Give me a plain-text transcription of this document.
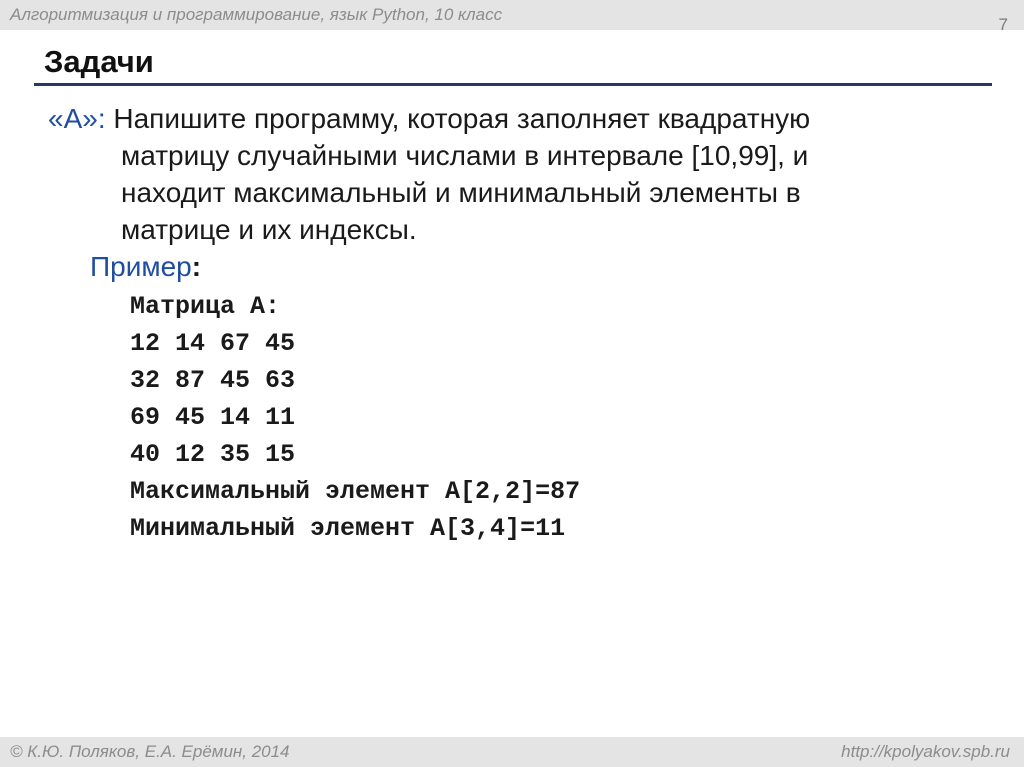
Алгоритмизация и программирование, язык Python, 10 класс
7
Задачи
«A»: Напишите программу, которая заполняет квадратную
матрицу случайными числами в интервале [10,99], и
находит максимальный и минимальный элементы в
матрице и их индексы.
Пример:
Матрица А:
12 14 67 45
32 87 45 63
69 45 14 11
40 12 35 15
Максимальный элемент A[2,2]=87
Минимальный элемент A[3,4]=11
© К.Ю. Поляков, Е.А. Ерёмин, 2014	http://kpolyakov.spb.ru
